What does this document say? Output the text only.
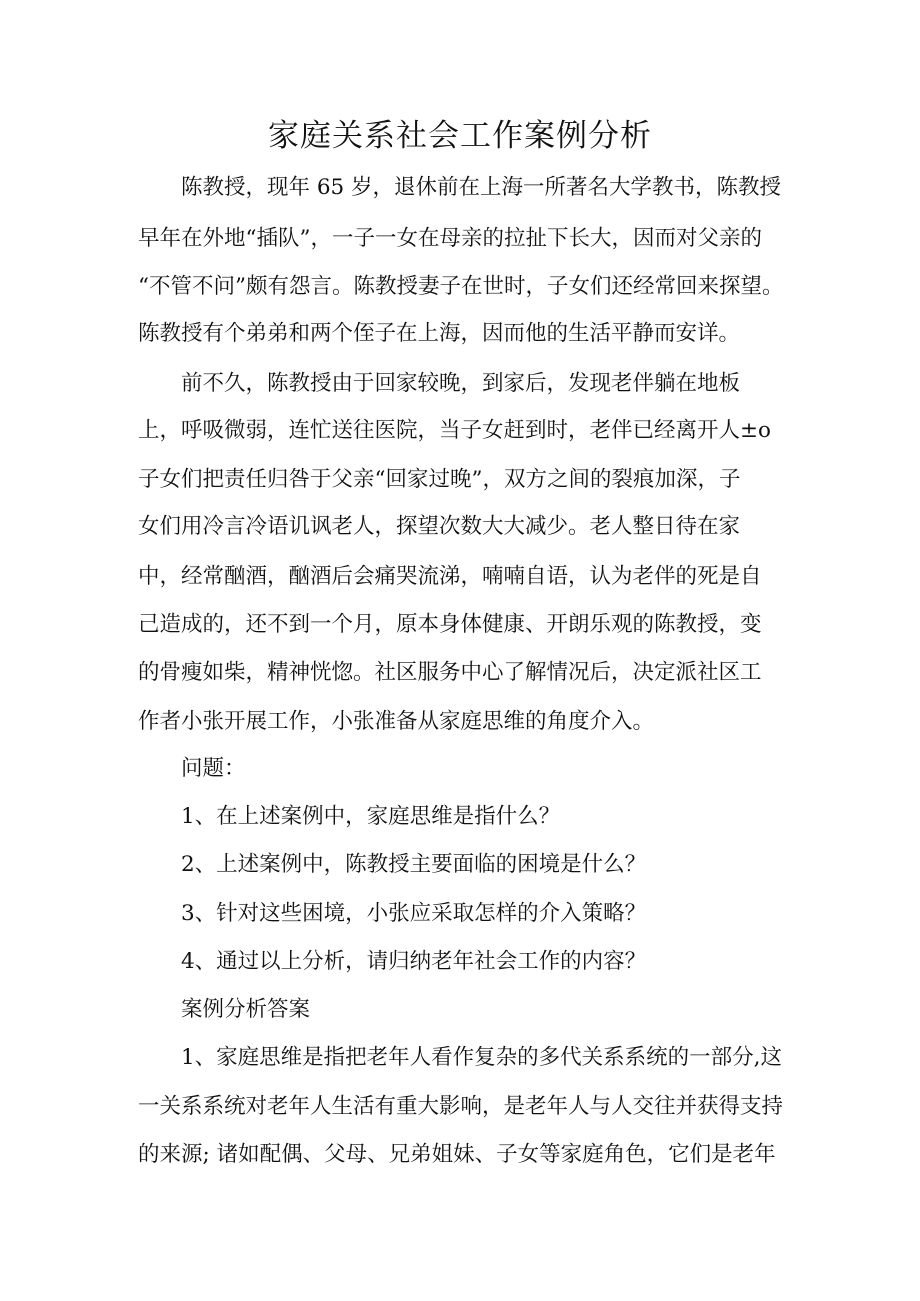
家庭关系社会工作案例分析
陈教授，现年 65 岁，退休前在上海一所著名大学教书，陈教授
早年在外地“插队”，一子一女在母亲的拉扯下长大，因而对父亲的
“不管不问”颇有怨言。陈教授妻子在世时，子女们还经常回来探望。
陈教授有个弟弟和两个侄子在上海，因而他的生活平静而安详。
前不久，陈教授由于回家较晚，到家后，发现老伴躺在地板
上，呼吸微弱，连忙送往医院，当子女赶到时，老伴已经离开人±o
子女们把责任归咎于父亲“回家过晚”，双方之间的裂痕加深，子
女们用冷言冷语讥讽老人，探望次数大大减少。老人整日待在家
中，经常酗酒，酗酒后会痛哭流涕，喃喃自语，认为老伴的死是自
己造成的，还不到一个月，原本身体健康、开朗乐观的陈教授，变
的骨瘦如柴，精神恍惚。社区服务中心了解情况后，决定派社区工
作者小张开展工作，小张准备从家庭思维的角度介入。
问题：
1、在上述案例中，家庭思维是指什么？
2、上述案例中，陈教授主要面临的困境是什么？
3、针对这些困境，小张应采取怎样的介入策略？
4、通过以上分析，请归纳老年社会工作的内容？
案例分析答案
1、家庭思维是指把老年人看作复杂的多代关系系统的一部分,这
一关系系统对老年人生活有重大影响，是老年人与人交往并获得支持
的来源; 诸如配偶、父母、兄弟姐妹、子女等家庭角色，它们是老年
